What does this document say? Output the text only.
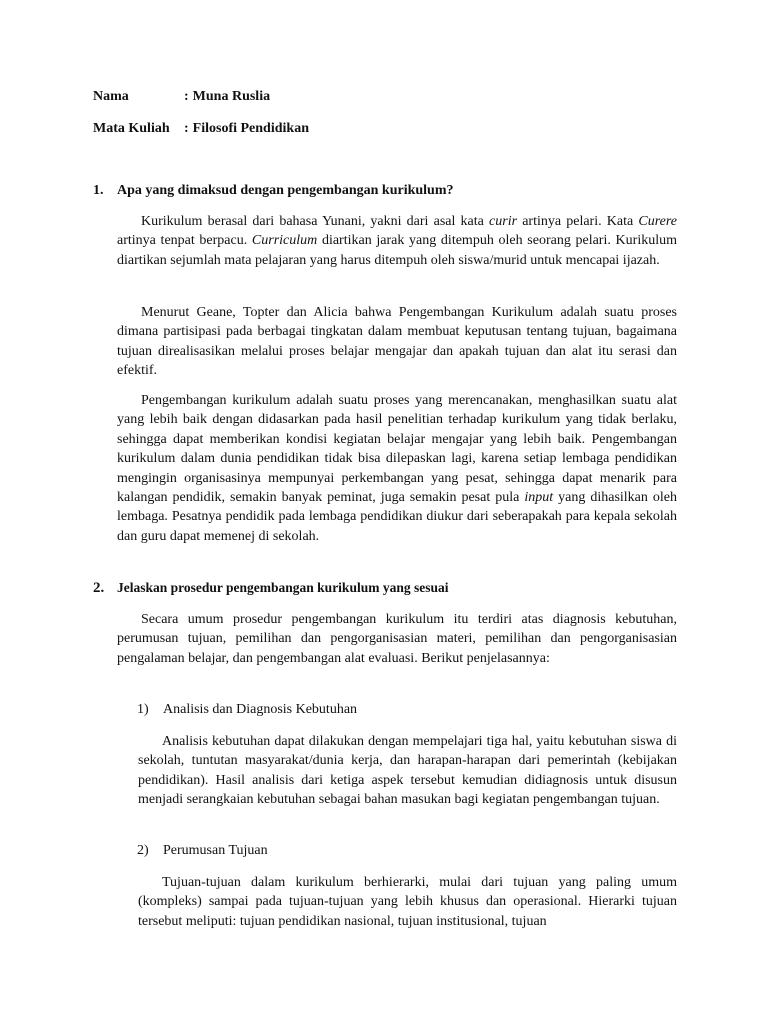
Nama	: Muna Ruslia
Mata Kuliah : Filosofi Pendidikan
1. Apa yang dimaksud dengan pengembangan kurikulum?

Kurikulum berasal dari bahasa Yunani, yakni dari asal kata curir artinya pelari. Kata Curere artinya tenpat berpacu. Curriculum diartikan jarak yang ditempuh oleh seorang pelari. Kurikulum diartikan sejumlah mata pelajaran yang harus ditempuh oleh siswa/murid untuk mencapai ijazah.

Menurut Geane, Topter dan Alicia bahwa Pengembangan Kurikulum adalah suatu proses dimana partisipasi pada berbagai tingkatan dalam membuat keputusan tentang tujuan, bagaimana tujuan direalisasikan melalui proses belajar mengajar dan apakah tujuan dan alat itu serasi dan efektif.

Pengembangan kurikulum adalah suatu proses yang merencanakan, menghasilkan suatu alat yang lebih baik dengan didasarkan pada hasil penelitian terhadap kurikulum yang tidak berlaku, sehingga dapat memberikan kondisi kegiatan belajar mengajar yang lebih baik. Pengembangan kurikulum dalam dunia pendidikan tidak bisa dilepaskan lagi, karena setiap lembaga pendidikan mengingin organisasinya mempunyai perkembangan yang pesat, sehingga dapat menarik para kalangan pendidik, semakin banyak peminat, juga semakin pesat pula input yang dihasilkan oleh lembaga. Pesatnya pendidik pada lembaga pendidikan diukur dari seberapakah para kepala sekolah dan guru dapat memenej di sekolah.

2. Jelaskan prosedur pengembangan kurikulum yang sesuai

Secara umum prosedur pengembangan kurikulum itu terdiri atas diagnosis kebutuhan, perumusan tujuan, pemilihan dan pengorganisasian materi, pemilihan dan pengorganisasian pengalaman belajar, dan pengembangan alat evaluasi. Berikut penjelasannya:

1) Analisis dan Diagnosis Kebutuhan

Analisis kebutuhan dapat dilakukan dengan mempelajari tiga hal, yaitu kebutuhan siswa di sekolah, tuntutan masyarakat/dunia kerja, dan harapan-harapan dari pemerintah (kebijakan pendidikan). Hasil analisis dari ketiga aspek tersebut kemudian didiagnosis untuk disusun menjadi serangkaian kebutuhan sebagai bahan masukan bagi kegiatan pengembangan tujuan.

2) Perumusan Tujuan

Tujuan-tujuan dalam kurikulum berhierarki, mulai dari tujuan yang paling umum (kompleks) sampai pada tujuan-tujuan yang lebih khusus dan operasional. Hierarki tujuan tersebut meliputi: tujuan pendidikan nasional, tujuan institusional, tujuan
